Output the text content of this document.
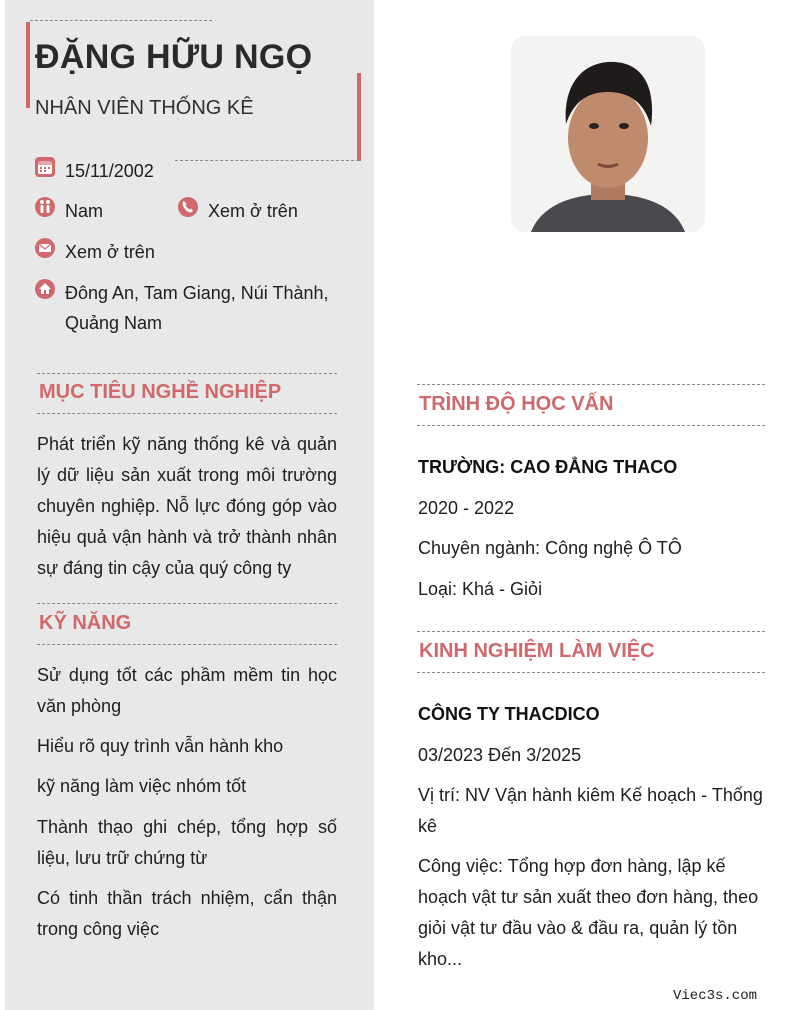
ĐẶNG HỮU NGỌ
NHÂN VIÊN THỐNG KÊ
15/11/2002
Nam	Xem ở trên
Xem ở trên
Đông An, Tam Giang, Núi Thành, Quảng Nam
MỤC TIÊU NGHỀ NGHIỆP
Phát triển kỹ năng thống kê và quản lý dữ liệu sản xuất trong môi trường chuyên nghiệp. Nỗ lực đóng góp vào hiệu quả vận hành và trở thành nhân sự đáng tin cậy của quý công ty
KỸ NĂNG
Sử dụng tốt các phầm mềm tin học văn phòng
Hiểu rõ quy trình vẫn hành kho
kỹ năng làm việc nhóm tốt
Thành thạo ghi chép, tổng hợp số liệu, lưu trữ chứng từ
Có tinh thần trách nhiệm, cẩn thận trong công việc
TRÌNH ĐỘ HỌC VẤN
TRƯỜNG: CAO ĐẲNG THACO
2020 - 2022
Chuyên ngành: Công nghệ Ô TÔ
Loại: Khá - Giỏi
KINH NGHIỆM LÀM VIỆC
CÔNG TY THACDICO
03/2023 Đến 3/2025
Vị trí: NV Vận hành kiêm Kế hoạch - Thống kê
Công việc: Tổng hợp đơn hàng, lập kế hoạch vật tư sản xuất theo đơn hàng, theo giỏi vật tư đầu vào & đầu ra, quản lý tồn kho...
Viec3s.com
